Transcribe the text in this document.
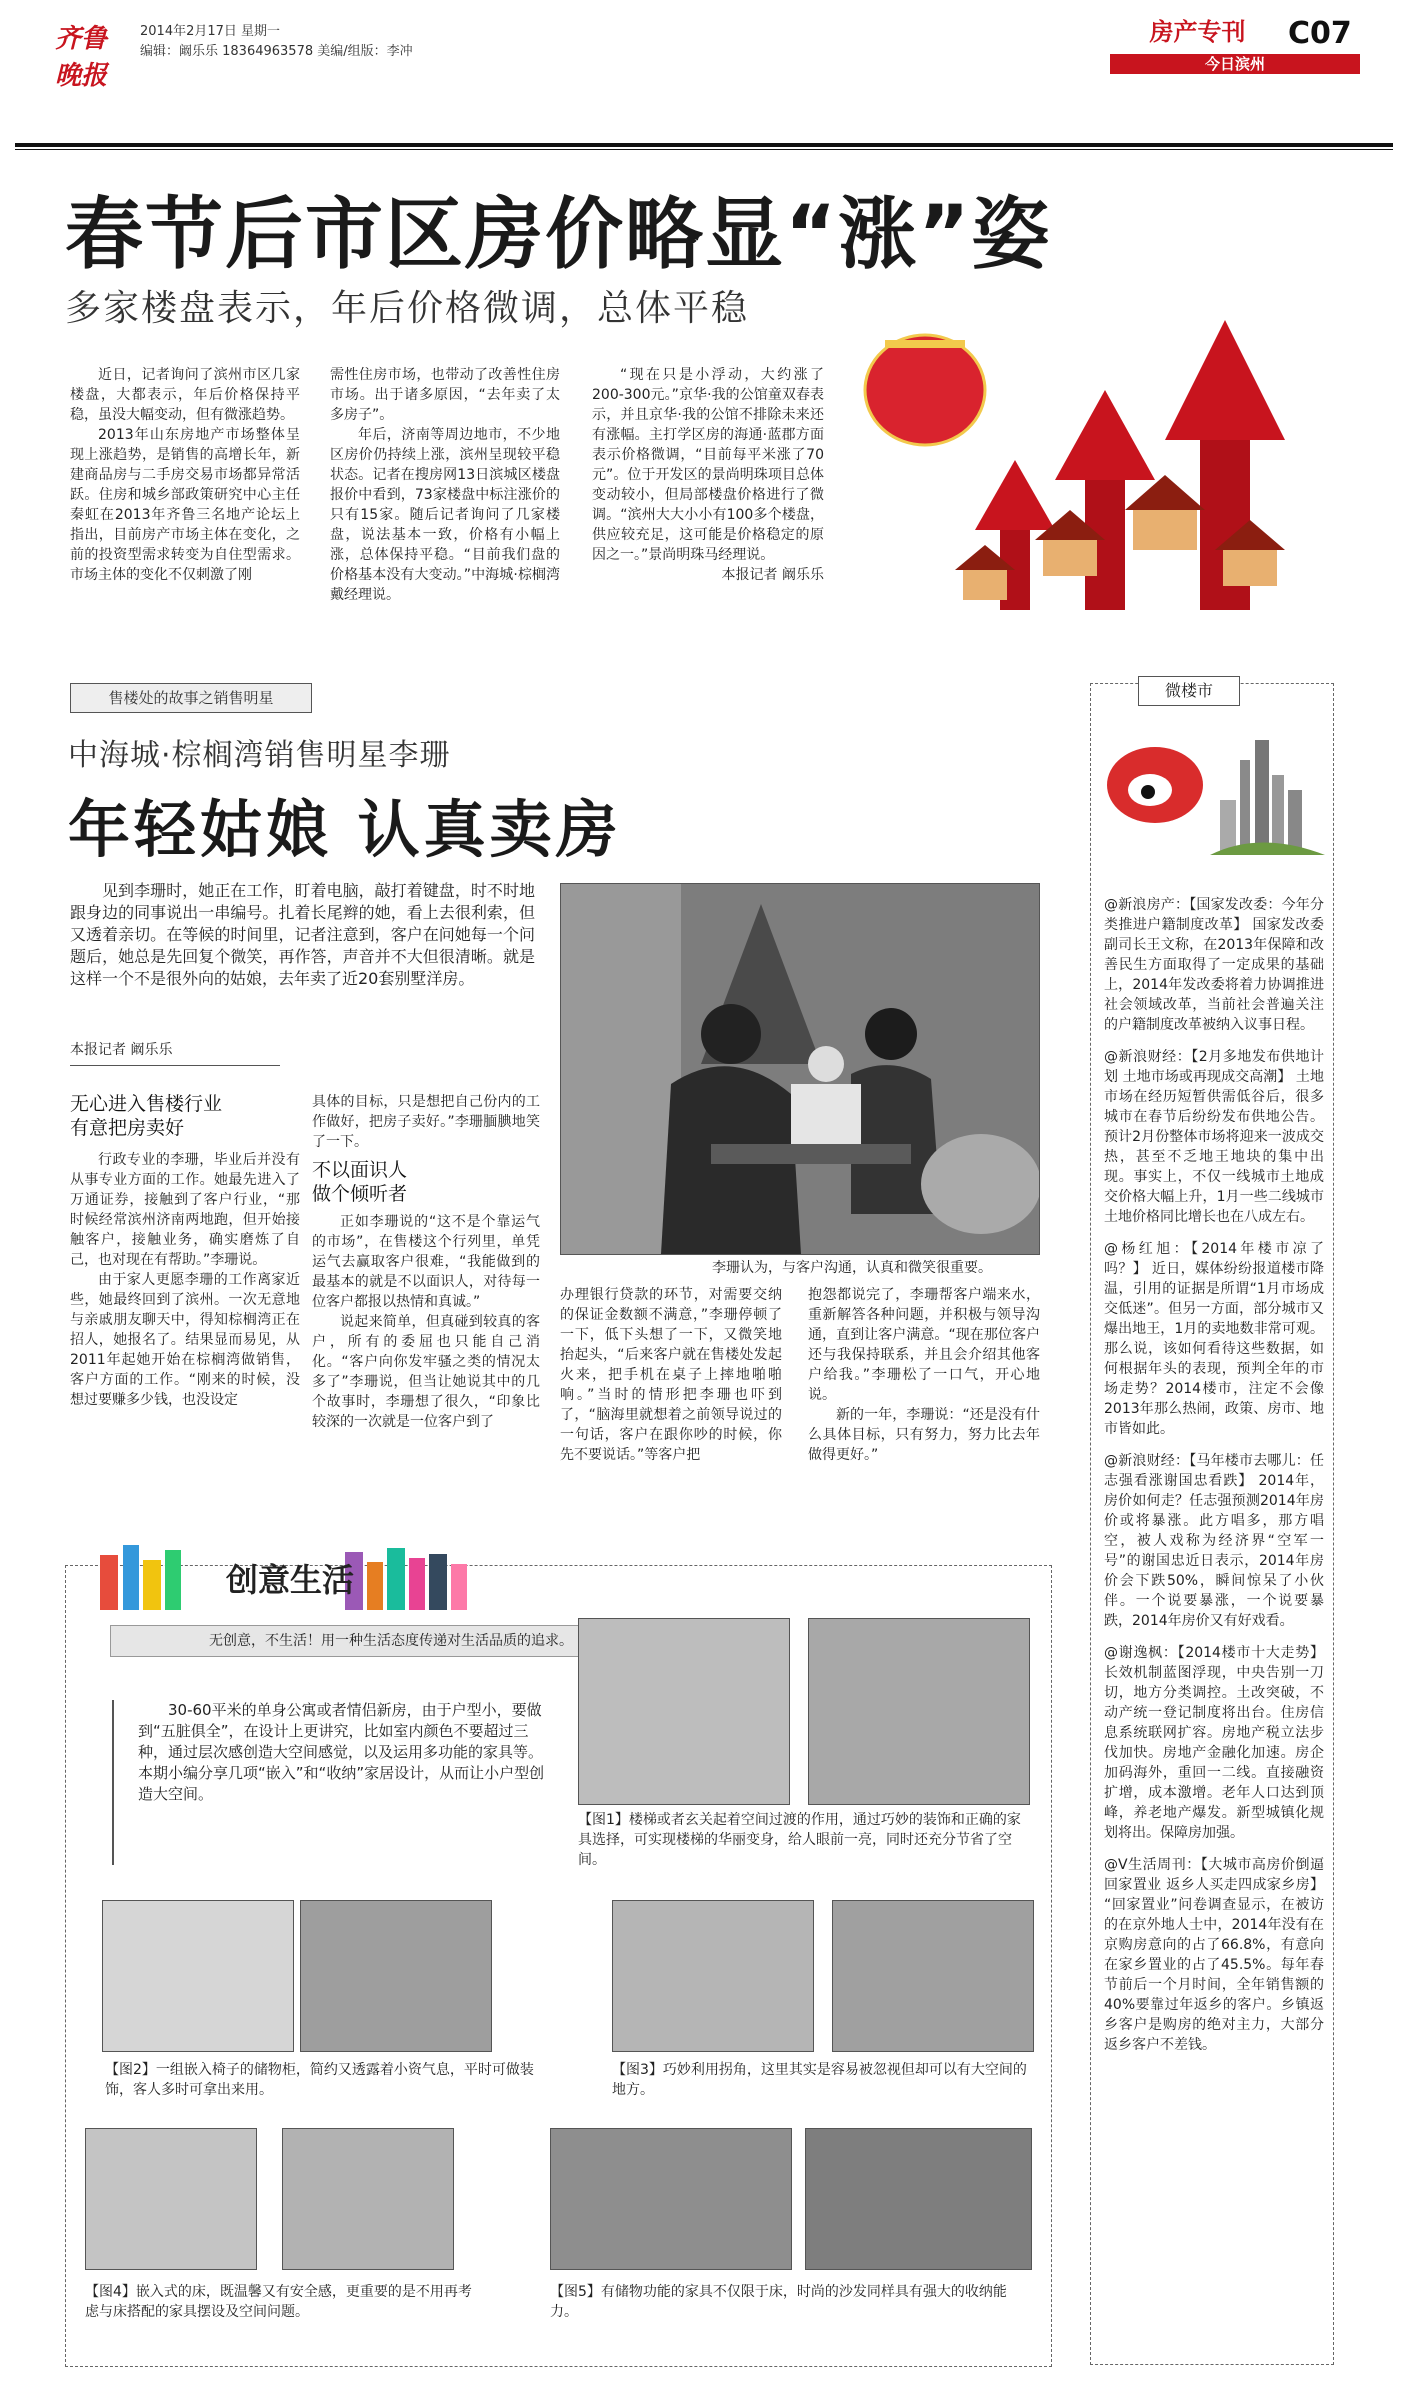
齐鲁晚报
2014年2月17日 星期一
编辑：阚乐乐 18364963578 美编/组版：李冲
房产专刊	C07
今日滨州
春节后市区房价略显“涨”姿
多家楼盘表示，年后价格微调，总体平稳

近日，记者询问了滨州市区几家楼盘，大都表示，年后价格保持平稳，虽没大幅变动，但有微涨趋势。

2013年山东房地产市场整体呈现上涨趋势，是销售的高增长年，新建商品房与二手房交易市场都异常活跃。住房和城乡部政策研究中心主任秦虹在2013年齐鲁三名地产论坛上指出，目前房产市场主体在变化，之前的投资型需求转变为自住型需求。市场主体的变化不仅刺激了刚

需性住房市场，也带动了改善性住房市场。出于诸多原因，“去年卖了太多房子”。

年后，济南等周边地市，不少地区房价仍持续上涨，滨州呈现较平稳状态。记者在搜房网13日滨城区楼盘报价中看到，73家楼盘中标注涨价的只有15家。随后记者询问了几家楼盘，说法基本一致，价格有小幅上涨，总体保持平稳。“目前我们盘的价格基本没有大变动。”中海城·棕榈湾戴经理说。

“现在只是小浮动，大约涨了200-300元。”京华·我的公馆童双春表示，并且京华·我的公馆不排除未来还有涨幅。主打学区房的海通·蓝郡方面表示价格微调，“目前每平米涨了70元”。位于开发区的景尚明珠项目总体变动较小，但局部楼盘价格进行了微调。“滨州大大小小有100多个楼盘，供应较充足，这可能是价格稳定的原因之一。”景尚明珠马经理说。

本报记者 阚乐乐
售楼处的故事之销售明星
中海城·棕榈湾销售明星李珊
年轻姑娘 认真卖房
见到李珊时，她正在工作，盯着电脑，敲打着键盘，时不时地跟身边的同事说出一串编号。扎着长尾辫的她，看上去很利索，但又透着亲切。在等候的时间里，记者注意到，客户在问她每一个问题后，她总是先回复个微笑，再作答，声音并不大但很清晰。就是这样一个不是很外向的姑娘，去年卖了近20套别墅洋房。
本报记者 阚乐乐
无心进入售楼行业
有意把房卖好

行政专业的李珊，毕业后并没有从事专业方面的工作。她最先进入了万通证券，接触到了客户行业，“那时候经常滨州济南两地跑，但开始接触客户，接触业务，确实磨炼了自己，也对现在有帮助。”李珊说。

由于家人更愿李珊的工作离家近些，她最终回到了滨州。一次无意地与亲戚朋友聊天中，得知棕榈湾正在招人，她报名了。结果显而易见，从2011年起她开始在棕榈湾做销售，客户方面的工作。“刚来的时候，没想过要赚多少钱，也没设定

具体的目标，只是想把自己份内的工作做好，把房子卖好。”李珊腼腆地笑了一下。

不以面识人
做个倾听者

正如李珊说的“这不是个靠运气的市场”，在售楼这个行列里，单凭运气去赢取客户很难，“我能做到的最基本的就是不以面识人，对待每一位客户都报以热情和真诚。”

说起来简单，但真碰到较真的客户，所有的委屈也只能自己消化。“客户向你发牢骚之类的情况太多了”李珊说，但当让她说其中的几个故事时，李珊想了很久，“印象比较深的一次就是一位客户到了

李珊认为，与客户沟通，认真和微笑很重要。

办理银行贷款的环节，对需要交纳的保证金数额不满意，”李珊停顿了一下，低下头想了一下，又微笑地抬起头，“后来客户就在售楼处发起火来，把手机在桌子上摔地啪啪响。”当时的情形把李珊也吓到了，“脑海里就想着之前领导说过的一句话，客户在跟你吵的时候，你先不要说话。”等客户把

抱怨都说完了，李珊帮客户端来水，重新解答各种问题，并积极与领导沟通，直到让客户满意。“现在那位客户还与我保持联系，并且会介绍其他客户给我。”李珊松了一口气，开心地说。

新的一年，李珊说：“还是没有什么具体目标，只有努力，努力比去年做得更好。”

微楼市

@新浪房产：【国家发改委：今年分类推进户籍制度改革】 国家发改委副司长王文称，在2013年保障和改善民生方面取得了一定成果的基础上，2014年发改委将着力协调推进社会领域改革，当前社会普遍关注的户籍制度改革被纳入议事日程。

@新浪财经：【2月多地发布供地计划 土地市场或再现成交高潮】 土地市场在经历短暂供需低谷后，很多城市在春节后纷纷发布供地公告。预计2月份整体市场将迎来一波成交热，甚至不乏地王地块的集中出现。事实上，不仅一线城市土地成交价格大幅上升，1月一些二线城市土地价格同比增长也在八成左右。

@杨红旭：【2014年楼市凉了吗？】 近日，媒体纷纷报道楼市降温，引用的证据是所谓“1月市场成交低迷”。但另一方面，部分城市又爆出地王，1月的卖地数非常可观。那么说，该如何看待这些数据，如何根据年头的表现，预判全年的市场走势？2014楼市，注定不会像2013年那么热闹，政策、房市、地市皆如此。

@新浪财经：【马年楼市去哪儿：任志强看涨谢国忠看跌】 2014年，房价如何走？任志强预测2014年房价或将暴涨。此方唱多，那方唱空，被人戏称为经济界“空军一号”的谢国忠近日表示，2014年房价会下跌50%，瞬间惊呆了小伙伴。一个说要暴涨，一个说要暴跌，2014年房价又有好戏看。

@谢逸枫：【2014楼市十大走势】 长效机制蓝图浮现，中央告别一刀切，地方分类调控。土改突破，不动产统一登记制度将出台。住房信息系统联网扩容。房地产税立法步伐加快。房地产金融化加速。房企加码海外，重回一二线。直接融资扩增，成本激增。老年人口达到顶峰，养老地产爆发。新型城镇化规划将出。保障房加强。

@V生活周刊：【大城市高房价倒逼回家置业 返乡人买走四成家乡房】 “回家置业”问卷调查显示，在被访的在京外地人士中，2014年没有在京购房意向的占了66.8%，有意向在家乡置业的占了45.5%。每年春节前后一个月时间，全年销售额的40%要靠过年返乡的客户。乡镇返乡客户是购房的绝对主力，大部分返乡客户不差钱。

创意生活
无创意，不生活！用一种生活态度传递对生活品质的追求。
30-60平米的单身公寓或者情侣新房，由于户型小，要做到“五脏俱全”，在设计上更讲究，比如室内颜色不要超过三种，通过层次感创造大空间感觉，以及运用多功能的家具等。本期小编分享几项“嵌入”和“收纳”家居设计，从而让小户型创造大空间。
【图1】楼梯或者玄关起着空间过渡的作用，通过巧妙的装饰和正确的家具选择，可实现楼梯的华丽变身，给人眼前一亮，同时还充分节省了空间。
【图2】一组嵌入椅子的储物柜，简约又透露着小资气息，平时可做装饰，客人多时可拿出来用。
【图3】巧妙利用拐角，这里其实是容易被忽视但却可以有大空间的地方。
【图4】嵌入式的床，既温馨又有安全感，更重要的是不用再考虑与床搭配的家具摆设及空间问题。
【图5】有储物功能的家具不仅限于床，时尚的沙发同样具有强大的收纳能力。
